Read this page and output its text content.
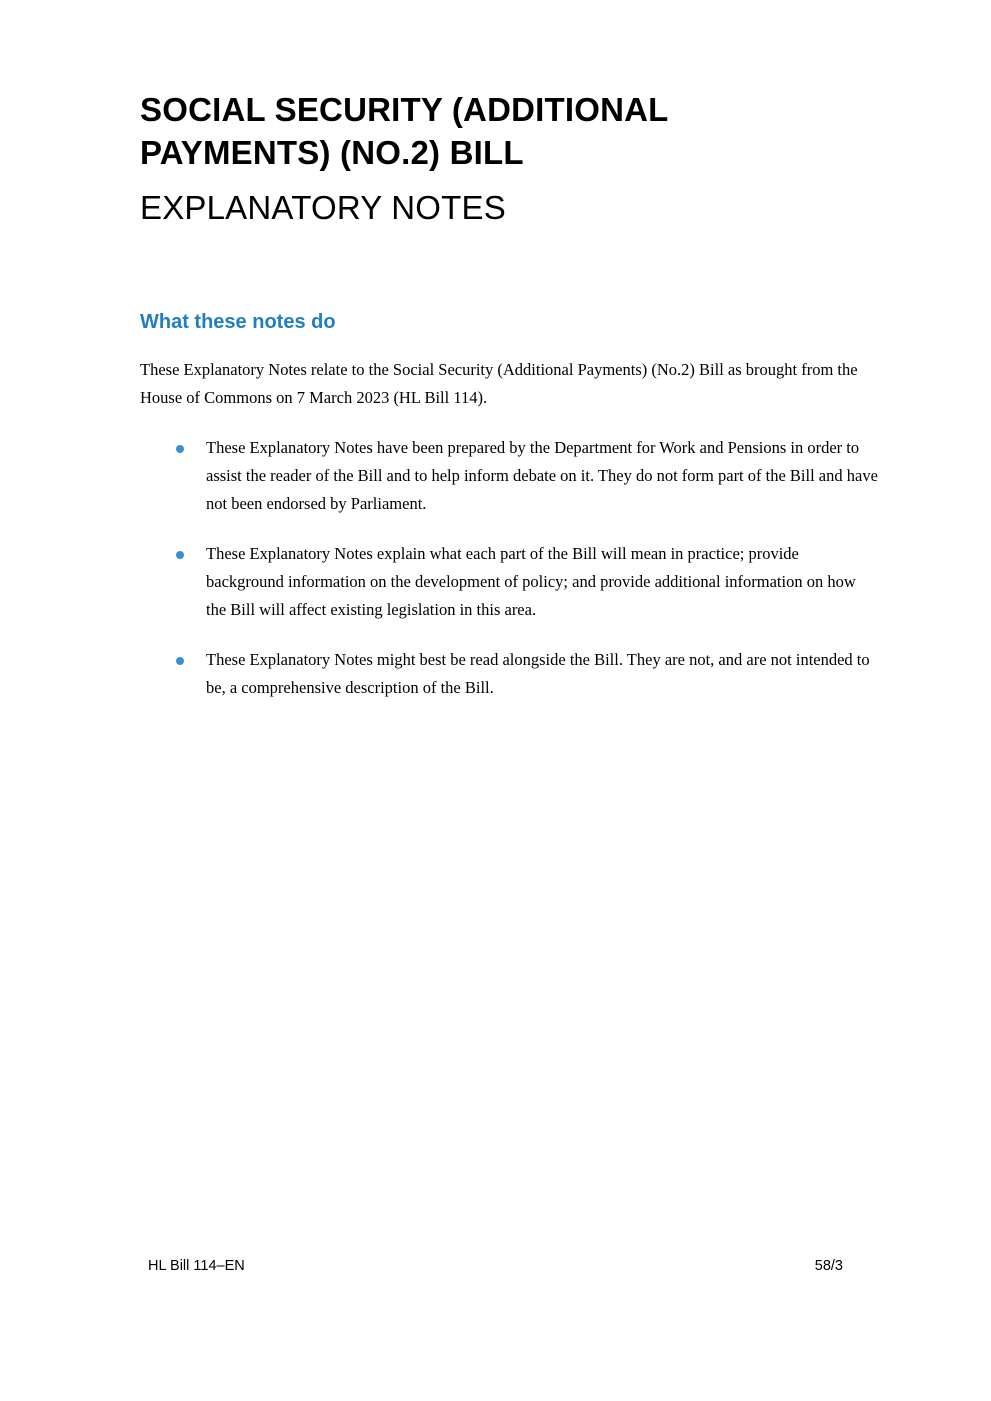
SOCIAL SECURITY (ADDITIONAL PAYMENTS) (NO.2) BILL
EXPLANATORY NOTES
What these notes do

These Explanatory Notes relate to the Social Security (Additional Payments) (No.2) Bill as brought from the House of Commons on 7 March 2023 (HL Bill 114).

These Explanatory Notes have been prepared by the Department for Work and Pensions in order to assist the reader of the Bill and to help inform debate on it. They do not form part of the Bill and have not been endorsed by Parliament.
These Explanatory Notes explain what each part of the Bill will mean in practice; provide background information on the development of policy; and provide additional information on how the Bill will affect existing legislation in this area.
These Explanatory Notes might best be read alongside the Bill. They are not, and are not intended to be, a comprehensive description of the Bill.
HL Bill 114–EN	58/3
